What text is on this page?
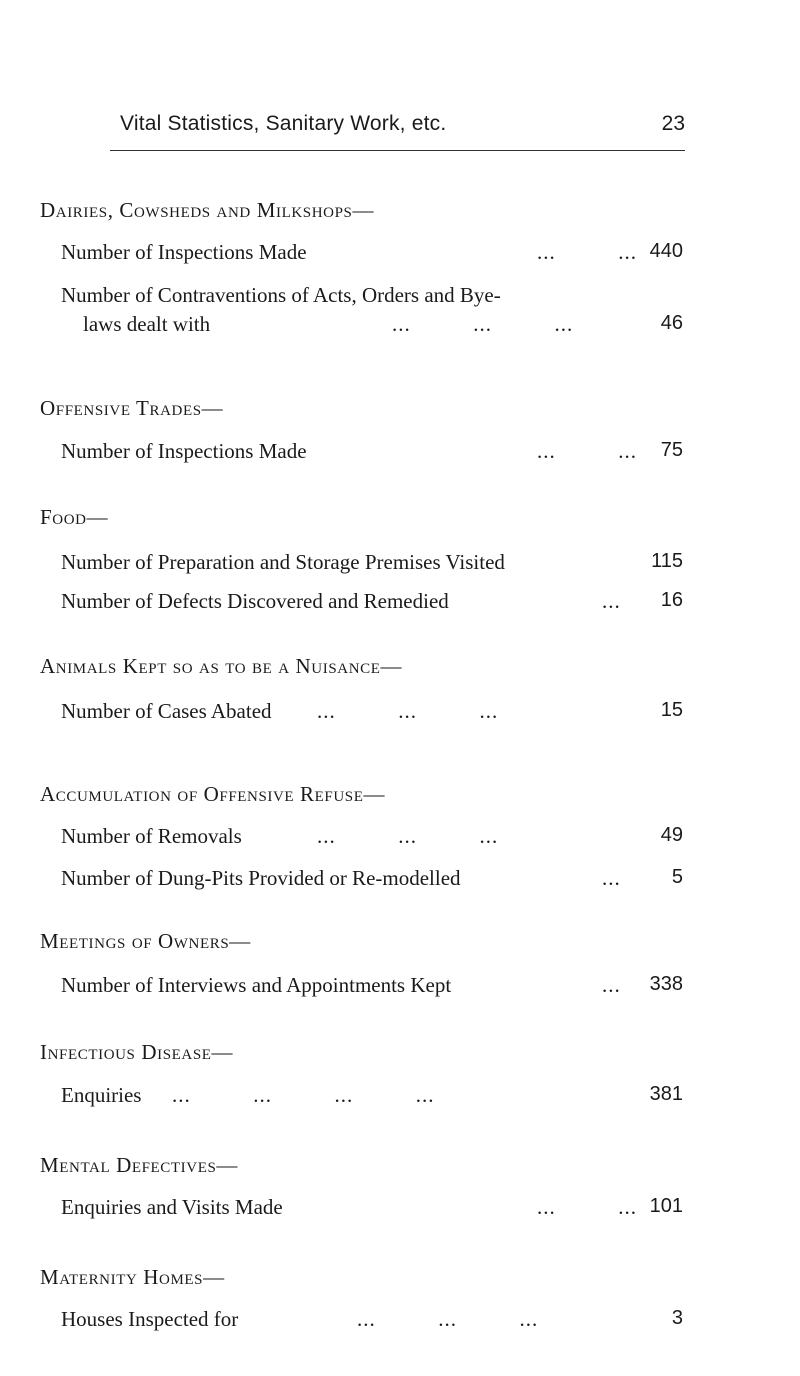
Vital Statistics, Sanitary Work, etc.	23
Dairies, Cowsheds and Milkshops—
Number of Inspections Made	...          ... 440
Number of Contraventions of Acts, Orders and Bye-
laws dealt with	...          ...          ...	46
Offensive Trades—
Number of Inspections Made	...          ... 75
Food—
Number of Preparation and Storage Premises Visited	115
Number of Defects Discovered and Remedied	... 16
Animals Kept so as to be a Nuisance—
Number of Cases Abated ...          ...          ...	15
Accumulation of Offensive Refuse—
Number of Removals	...          ...          ...	49
Number of Dung-Pits Provided or Re-modelled	...	5
Meetings of Owners—
Number of Interviews and Appointments Kept	... 338
Infectious Disease—
Enquiries ...          ...          ...          ...	381
Mental Defectives—
Enquiries and Visits Made	...          ... 101
Maternity Homes—
Houses Inspected for	...          ...          ...	3
